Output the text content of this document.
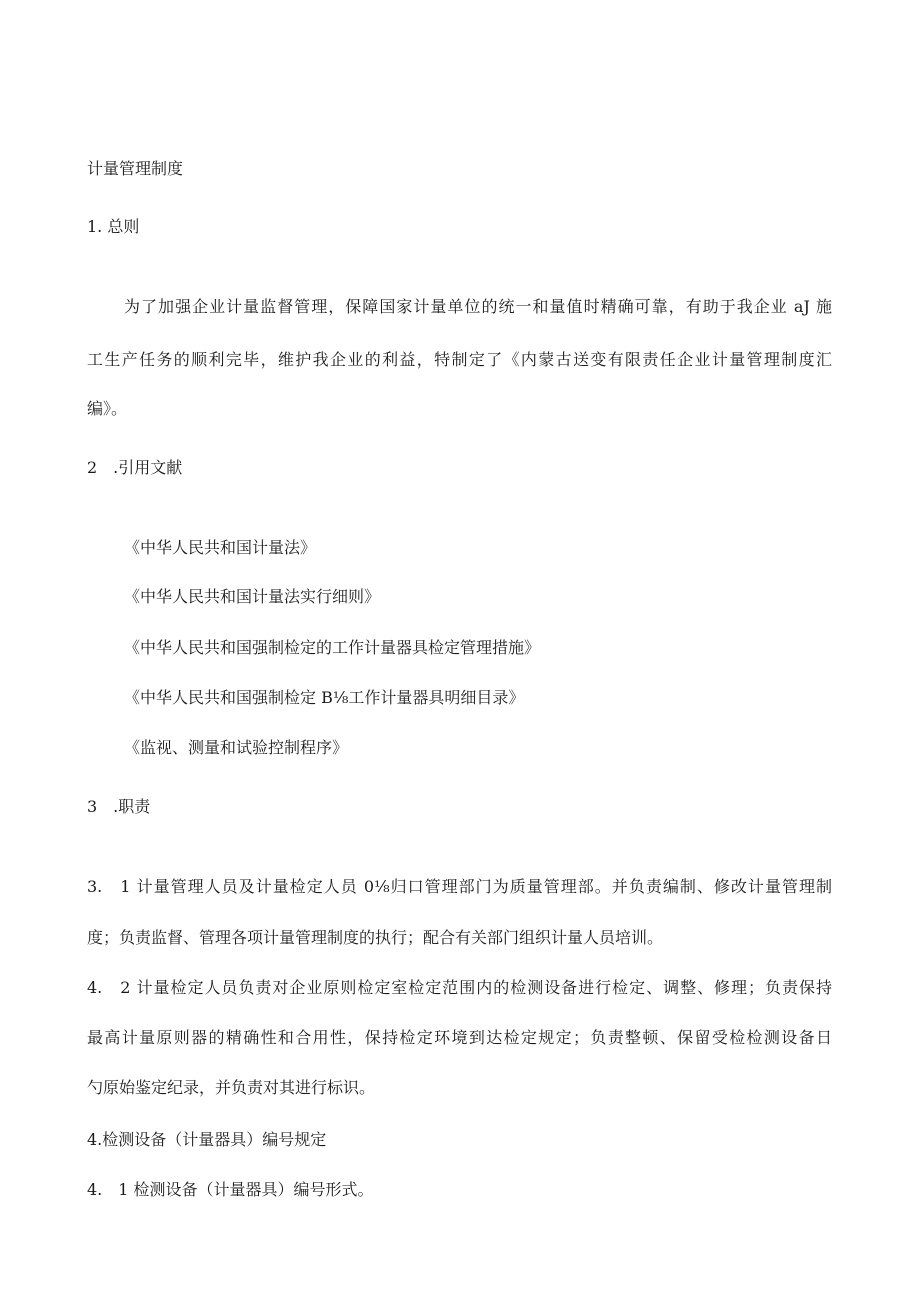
计量管理制度
1. 总则
为了加强企业计量监督管理，保障国家计量单位的统一和量值时精确可靠，有助于我企业 aJ 施
工生产任务的顺利完毕，维护我企业的利益，特制定了《内蒙古送变有限责任企业计量管理制度汇
编》。
2　.引用文献
《中华人民共和国计量法》
《中华人民共和国计量法实行细则》
《中华人民共和国强制检定的工作计量器具检定管理措施》
《中华人民共和国强制检定 B⅛工作计量器具明细目录》
《监视、测量和试验控制程序》
3　.职责
3.　1 计量管理人员及计量检定人员 0⅛归口管理部门为质量管理部。并负责编制、修改计量管理制
度；负责监督、管理各项计量管理制度的执行；配合有关部门组织计量人员培训。
4.　2 计量检定人员负责对企业原则检定室检定范围内的检测设备进行检定、调整、修理；负责保持
最高计量原则器的精确性和合用性，保持检定环境到达检定规定；负责整顿、保留受检检测设备日
勺原始鉴定纪录，并负责对其进行标识。
4.检测设备（计量器具）编号规定
4.　1 检测设备（计量器具）编号形式。
